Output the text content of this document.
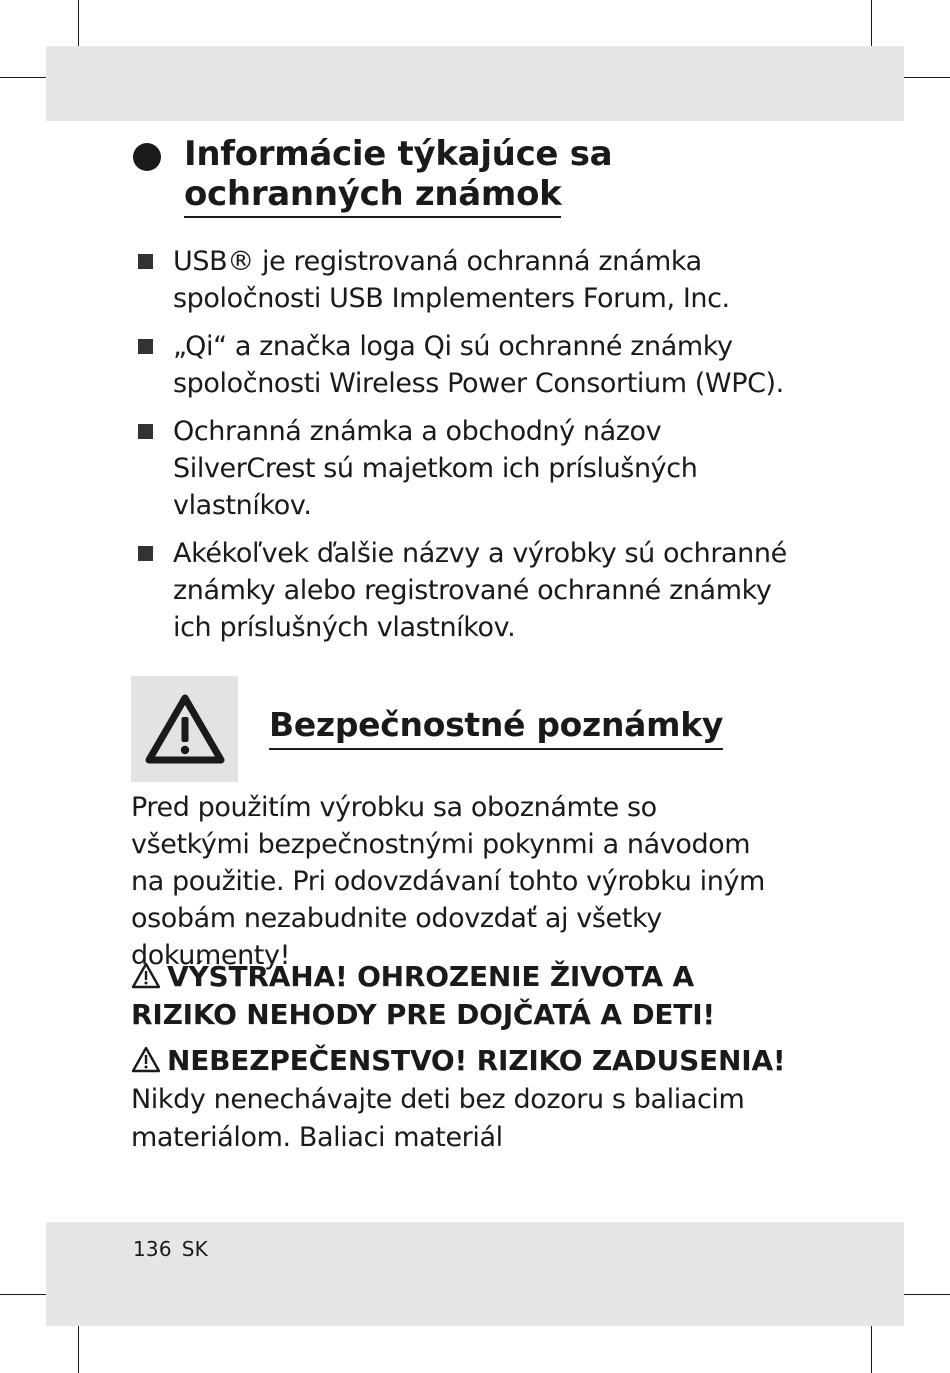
Informácie týkajúce sa
ochranných známok
USB® je registrovaná ochranná známka spoločnosti USB Implementers Forum, Inc.
„Qi“ a značka loga Qi sú ochranné známky spoločnosti Wireless Power Consortium (WPC).
Ochranná známka a obchodný názov SilverCrest sú majetkom ich príslušných vlastníkov.
Akékoľvek ďalšie názvy a výrobky sú ochranné známky alebo registrované ochranné známky ich príslušných vlastníkov.
Bezpečnostné poznámky

Pred použitím výrobku sa oboznámte so všetkými bezpečnostnými pokynmi a návodom na použitie. Pri odovzdávaní tohto výrobku iným osobám nezabudnite odovzdať aj všetky dokumenty!

VÝSTRAHA! OHROZENIE ŽIVOTA A RIZIKO NEHODY PRE DOJČATÁ A DETI!

NEBEZPEČENSTVO! RIZIKO ZADUSENIA! Nikdy nenechávajte deti bez dozoru s baliacim materiálom. Baliaci materiál

136 SK
